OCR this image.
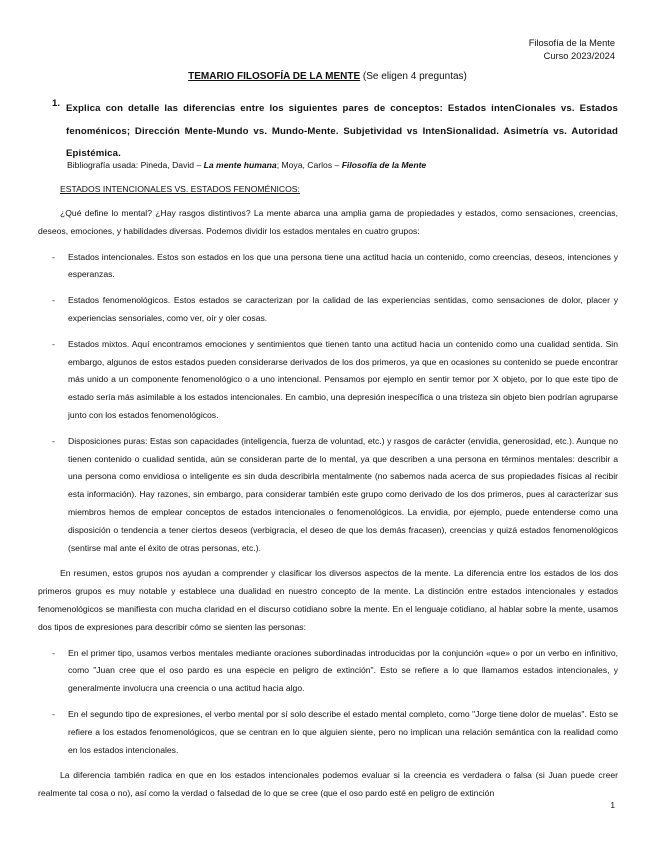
Filosofía de la Mente
Curso 2023/2024
TEMARIO FILOSOFÍA DE LA MENTE (Se eligen 4 preguntas)
1. Explica con detalle las diferencias entre los siguientes pares de conceptos: Estados intenCionales vs. Estados fenoménicos; Dirección Mente-Mundo vs. Mundo-Mente. Subjetividad vs IntenSionalidad. Asimetría vs. Autoridad Epistémica.
Bibliografía usada: Pineda, David – La mente humana; Moya, Carlos – Filosofía de la Mente
ESTADOS INTENCIONALES VS. ESTADOS FENOMÉNICOS:

¿Qué define lo mental? ¿Hay rasgos distintivos? La mente abarca una amplia gama de propiedades y estados, como sensaciones, creencias, deseos, emociones, y habilidades diversas. Podemos dividir los estados mentales en cuatro grupos:

- Estados intencionales. Estos son estados en los que una persona tiene una actitud hacia un contenido, como creencias, deseos, intenciones y esperanzas.
- Estados fenomenológicos. Estos estados se caracterizan por la calidad de las experiencias sentidas, como sensaciones de dolor, placer y experiencias sensoriales, como ver, oír y oler cosas.
- Estados mixtos. Aquí encontramos emociones y sentimientos que tienen tanto una actitud hacia un contenido como una cualidad sentida. Sin embargo, algunos de estos estados pueden considerarse derivados de los dos primeros, ya que en ocasiones su contenido se puede encontrar más unido a un componente fenomenológico o a uno intencional. Pensamos por ejemplo en sentir temor por X objeto, por lo que este tipo de estado sería más asimilable a los estados intencionales. En cambio, una depresión inespecífica o una tristeza sin objeto bien podrían agruparse junto con los estados fenomenológicos.
- Disposiciones puras: Estas son capacidades (inteligencia, fuerza de voluntad, etc.) y rasgos de carácter (envidia, generosidad, etc.). Aunque no tienen contenido o cualidad sentida, aún se consideran parte de lo mental, ya que describen a una persona en términos mentales: describir a una persona como envidiosa o inteligente es sin duda describirla mentalmente (no sabemos nada acerca de sus propiedades físicas al recibir esta información). Hay razones, sin embargo, para considerar también este grupo como derivado de los dos primeros, pues al caracterizar sus miembros hemos de emplear conceptos de estados intencionales o fenomenológicos. La envidia, por ejemplo, puede entenderse como una disposición o tendencia a tener ciertos deseos (verbigracia, el deseo de que los demás fracasen), creencias y quizá estados fenomenológicos (sentirse mal ante el éxito de otras personas, etc.).

En resumen, estos grupos nos ayudan a comprender y clasificar los diversos aspectos de la mente. La diferencia entre los estados de los dos primeros grupos es muy notable y establece una dualidad en nuestro concepto de la mente. La distinción entre estados intencionales y estados fenomenológicos se manifiesta con mucha claridad en el discurso cotidiano sobre la mente. En el lenguaje cotidiano, al hablar sobre la mente, usamos dos tipos de expresiones para describir cómo se sienten las personas:

- En el primer tipo, usamos verbos mentales mediante oraciones subordinadas introducidas por la conjunción «que» o por un verbo en infinitivo, como "Juan cree que el oso pardo es una especie en peligro de extinción". Esto se refiere a lo que llamamos estados intencionales, y generalmente involucra una creencia o una actitud hacia algo.
- En el segundo tipo de expresiones, el verbo mental por sí solo describe el estado mental completo, como "Jorge tiene dolor de muelas". Esto se refiere a los estados fenomenológicos, que se centran en lo que alguien siente, pero no implican una relación semántica con la realidad como en los estados intencionales.

La diferencia también radica en que en los estados intencionales podemos evaluar si la creencia es verdadera o falsa (si Juan puede creer realmente tal cosa o no), así como la verdad o falsedad de lo que se cree (que el oso pardo esté en peligro de extinción

1
